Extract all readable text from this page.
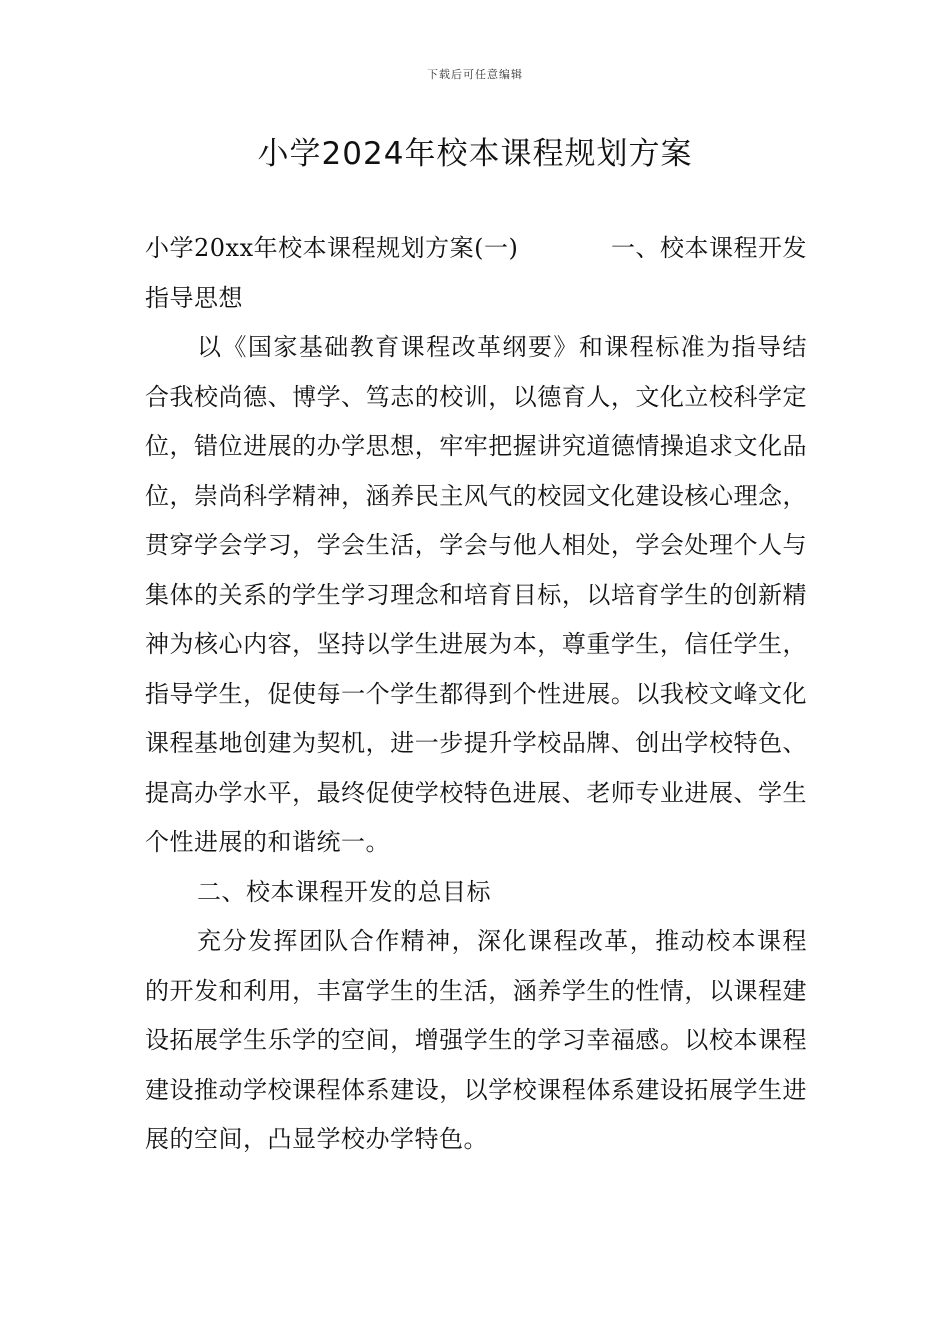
下载后可任意编辑
小学2024年校本课程规划方案
小学20xx年校本课程规划方案(一)	一、校本课程开发

指导思想

以《国家基础教育课程改革纲要》和课程标准为指导结合我校尚德、博学、笃志的校训，以德育人，文化立校科学定位，错位进展的办学思想，牢牢把握讲究道德情操追求文化品位，崇尚科学精神，涵养民主风气的校园文化建设核心理念，贯穿学会学习，学会生活，学会与他人相处，学会处理个人与集体的关系的学生学习理念和培育目标，以培育学生的创新精神为核心内容，坚持以学生进展为本，尊重学生，信任学生，指导学生，促使每一个学生都得到个性进展。以我校文峰文化课程基地创建为契机，进一步提升学校品牌、创出学校特色、提高办学水平，最终促使学校特色进展、老师专业进展、学生个性进展的和谐统一。

二、校本课程开发的总目标

充分发挥团队合作精神，深化课程改革，推动校本课程的开发和利用，丰富学生的生活，涵养学生的性情，以课程建设拓展学生乐学的空间，增强学生的学习幸福感。以校本课程建设推动学校课程体系建设，以学校课程体系建设拓展学生进展的空间，凸显学校办学特色。
